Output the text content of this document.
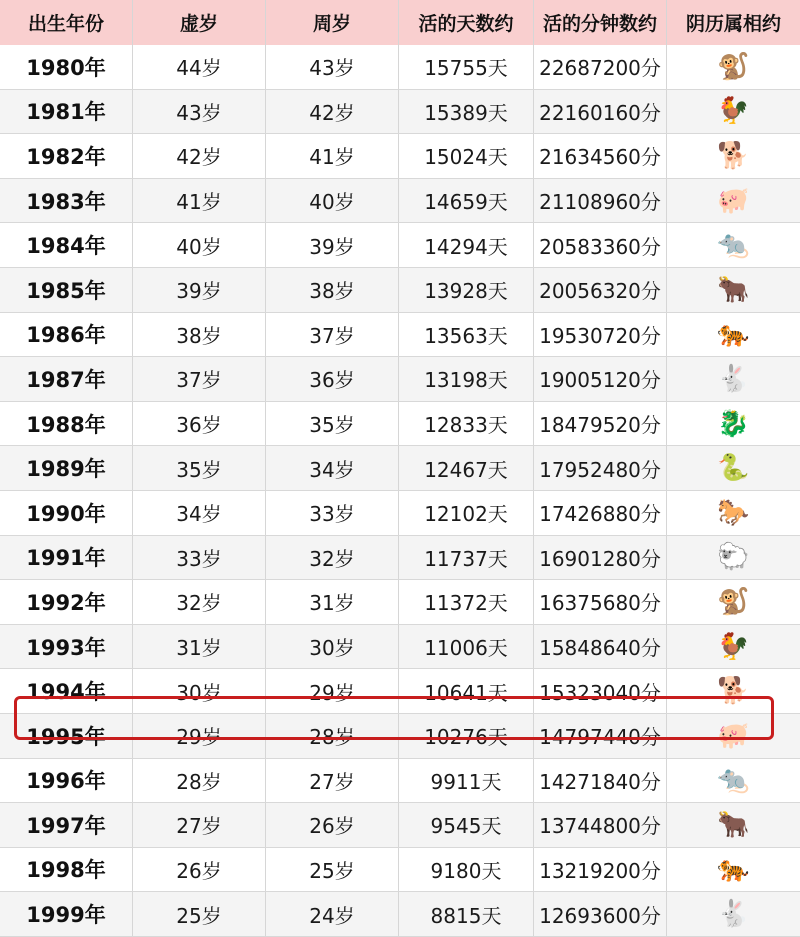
出生年份	虚岁	周岁	活的天数约	活的分钟数约	阴历属相约
1980年	44岁	43岁	15755天	22687200分 🐒
1981年	43岁	42岁	15389天	22160160分 🐓
1982年	42岁	41岁	15024天	21634560分 🐕
1983年	41岁	40岁	14659天	21108960分 🐖
1984年	40岁	39岁	14294天	20583360分 🐀
1985年	39岁	38岁	13928天	20056320分 🐂
1986年	38岁	37岁	13563天	19530720分 🐅
1987年	37岁	36岁	13198天	19005120分 🐇
1988年	36岁	35岁	12833天	18479520分 🐉
1989年	35岁	34岁	12467天	17952480分 🐍
1990年	34岁	33岁	12102天	17426880分 🐎
1991年	33岁	32岁	11737天	16901280分 🐑
1992年	32岁	31岁	11372天	16375680分 🐒
1993年	31岁	30岁	11006天	15848640分 🐓
1994年	30岁	29岁	10641天	15323040分 🐕
1995年	29岁	28岁	10276天	14797440分 🐖
1996年	28岁	27岁	9911天	14271840分 🐀
1997年	27岁	26岁	9545天	13744800分 🐂
1998年	26岁	25岁	9180天	13219200分 🐅
1999年	25岁	24岁	8815天	12693600分 🐇
